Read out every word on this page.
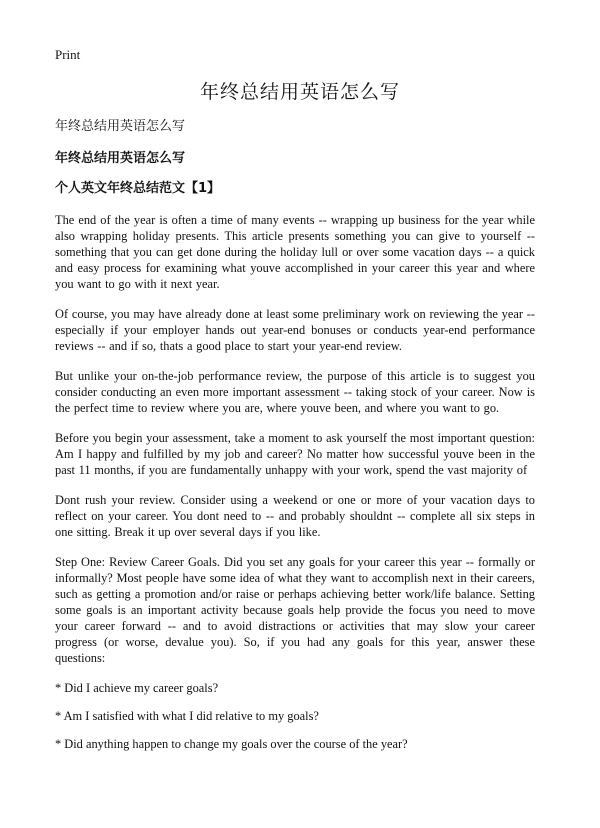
Print
年终总结用英语怎么写
年终总结用英语怎么写
年终总结用英语怎么写
个人英文年终总结范文【1】

The end of the year is often a time of many events -- wrapping up business for the year while also wrapping holiday presents. This article presents something you can give to yourself -- something that you can get done during the holiday lull or over some vacation days -- a quick and easy process for examining what youve accomplished in your career this year and where you want to go with it next year.

Of course, you may have already done at least some preliminary work on reviewing the year -- especially if your employer hands out year-end bonuses or conducts year-end performance reviews -- and if so, thats a good place to start your year-end review.

But unlike your on-the-job performance review, the purpose of this article is to suggest you consider conducting an even more important assessment -- taking stock of your career. Now is the perfect time to review where you are, where youve been, and where you want to go.

Before you begin your assessment, take a moment to ask yourself the most important question: Am I happy and fulfilled by my job and career? No matter how successful youve been in the past 11 months, if you are fundamentally unhappy with your work, spend the vast majority of

Dont rush your review. Consider using a weekend or one or more of your vacation days to reflect on your career. You dont need to -- and probably shouldnt -- complete all six steps in one sitting. Break it up over several days if you like.

Step One: Review Career Goals. Did you set any goals for your career this year -- formally or informally? Most people have some idea of what they want to accomplish next in their careers, such as getting a promotion and/or raise or perhaps achieving better work/life balance. Setting some goals is an important activity because goals help provide the focus you need to move your career forward -- and to avoid distractions or activities that may slow your career progress (or worse, devalue you). So, if you had any goals for this year, answer these questions:

* Did I achieve my career goals?

* Am I satisfied with what I did relative to my goals?

* Did anything happen to change my goals over the course of the year?
